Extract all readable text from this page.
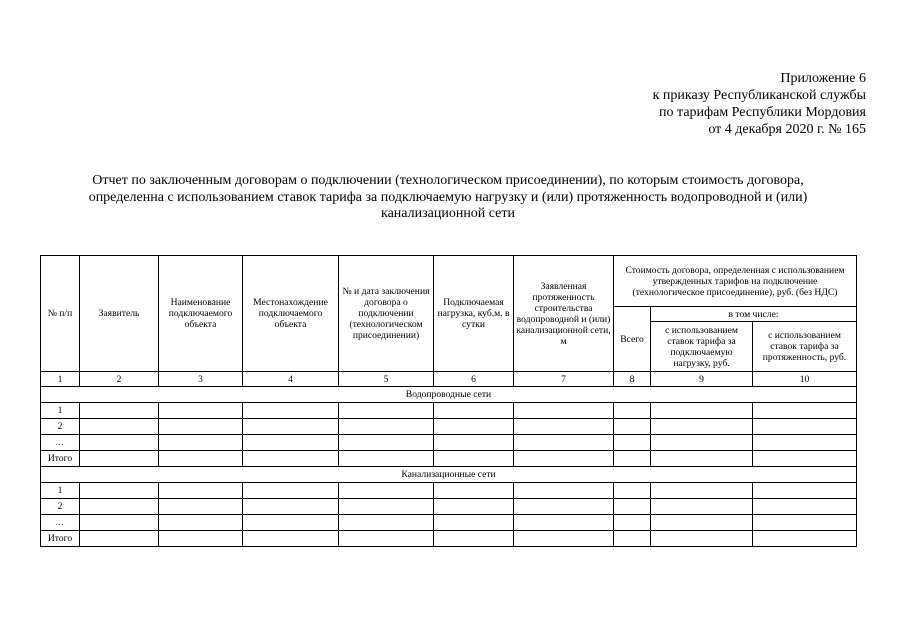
Приложение 6
к приказу Республиканской службы
по тарифам Республики Мордовия
от 4 декабря 2020 г. № 165
Отчет по заключенным договорам о подключении (технологическом присоединении), по которым стоимость договора,
определенна с использованием ставок тарифа за подключаемую нагрузку и (или) протяженность водопроводной и (или)
канализационной сети
№ п/п	Заявитель	Наименование подключаемого объекта	Местонахождение подключаемого объекта	№ и дата заключения договора о подключении (технологическом присоединении)	Подключаемая нагрузка, куб.м. в сутки	Заявленная протяженность строительства водопроводной и (или) канализационной сети, м	Стоимость договора, определенная с использованием утвержденных тарифов на подключение (технологическое присоединение), руб. (без НДС)		
							Всего	в том числе:	
								с использованием ставок тарифа за подключаемую нагрузку, руб.	с использованием ставок тарифа за протяженность, руб.
1	2	3	4	5	6	7	8	9	10
Водопроводные сети									
1									
2									
…									
Итого									
Канализационные сети									
1									
2									
…									
Итого									
